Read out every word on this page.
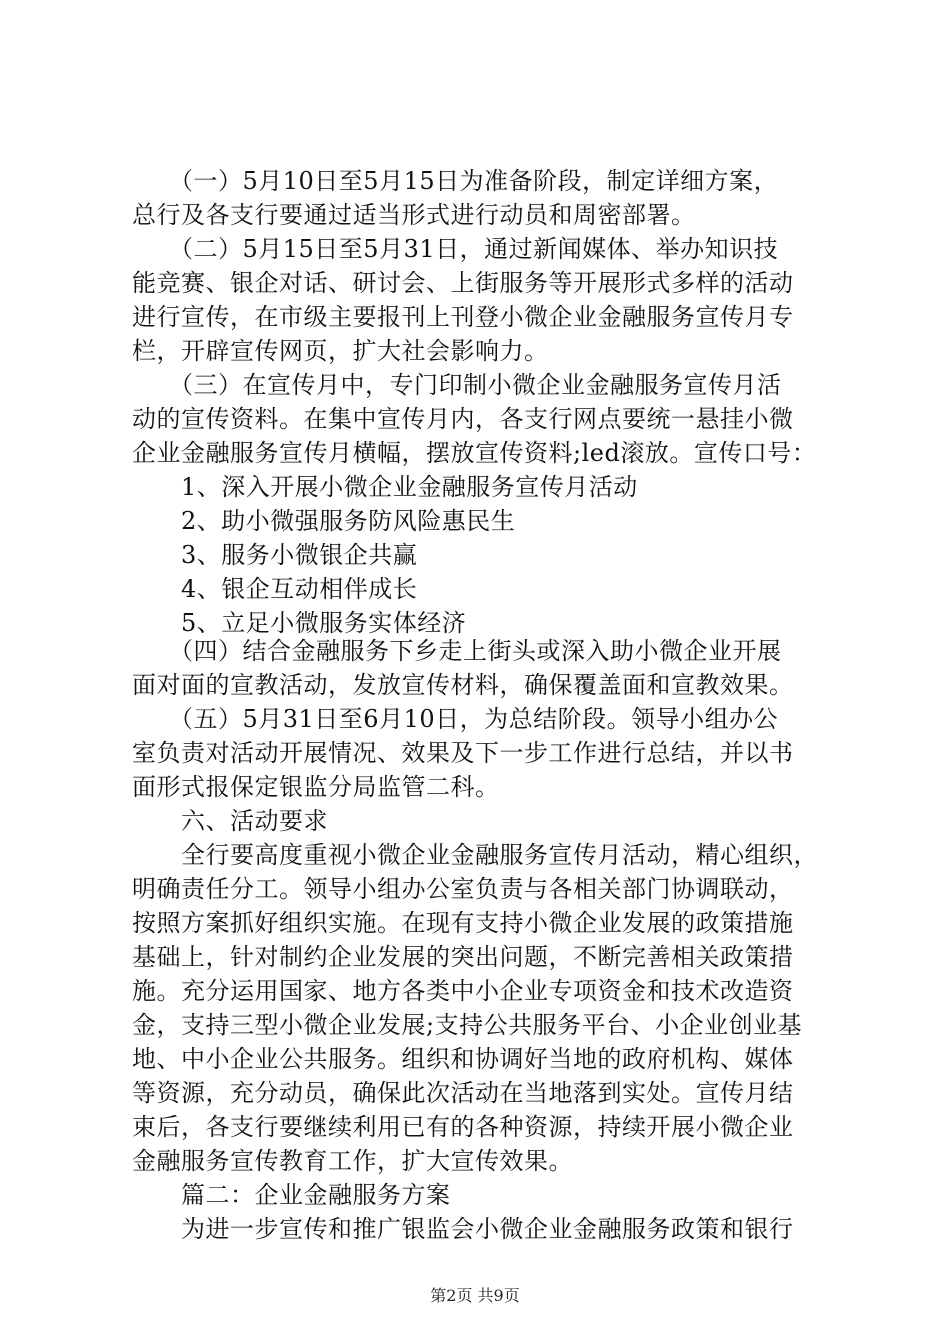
　　（一）5月10日至5月15日为准备阶段，制定详细方案，
总行及各支行要通过适当形式进行动员和周密部署。
　　（二）5月15日至5月31日，通过新闻媒体、举办知识技
能竞赛、银企对话、研讨会、上街服务等开展形式多样的活动
进行宣传，在市级主要报刊上刊登小微企业金融服务宣传月专
栏，开辟宣传网页，扩大社会影响力。
　　（三）在宣传月中，专门印制小微企业金融服务宣传月活
动的宣传资料。在集中宣传月内，各支行网点要统一悬挂小微
企业金融服务宣传月横幅，摆放宣传资料;led滚放。宣传口号：
　　1、深入开展小微企业金融服务宣传月活动
　　2、助小微强服务防风险惠民生
　　3、服务小微银企共赢
　　4、银企互动相伴成长
　　5、立足小微服务实体经济
　　（四）结合金融服务下乡走上街头或深入助小微企业开展
面对面的宣教活动，发放宣传材料，确保覆盖面和宣教效果。
　　（五）5月31日至6月10日，为总结阶段。领导小组办公
室负责对活动开展情况、效果及下一步工作进行总结，并以书
面形式报保定银监分局监管二科。
　　六、活动要求
　　全行要高度重视小微企业金融服务宣传月活动，精心组织，
明确责任分工。领导小组办公室负责与各相关部门协调联动，
按照方案抓好组织实施。在现有支持小微企业发展的政策措施
基础上，针对制约企业发展的突出问题，不断完善相关政策措
施。充分运用国家、地方各类中小企业专项资金和技术改造资
金，支持三型小微企业发展;支持公共服务平台、小企业创业基
地、中小企业公共服务。组织和协调好当地的政府机构、媒体
等资源，充分动员，确保此次活动在当地落到实处。宣传月结
束后，各支行要继续利用已有的各种资源，持续开展小微企业
金融服务宣传教育工作，扩大宣传效果。
　　篇二：企业金融服务方案
　　为进一步宣传和推广银监会小微企业金融服务政策和银行
第2页 共9页
